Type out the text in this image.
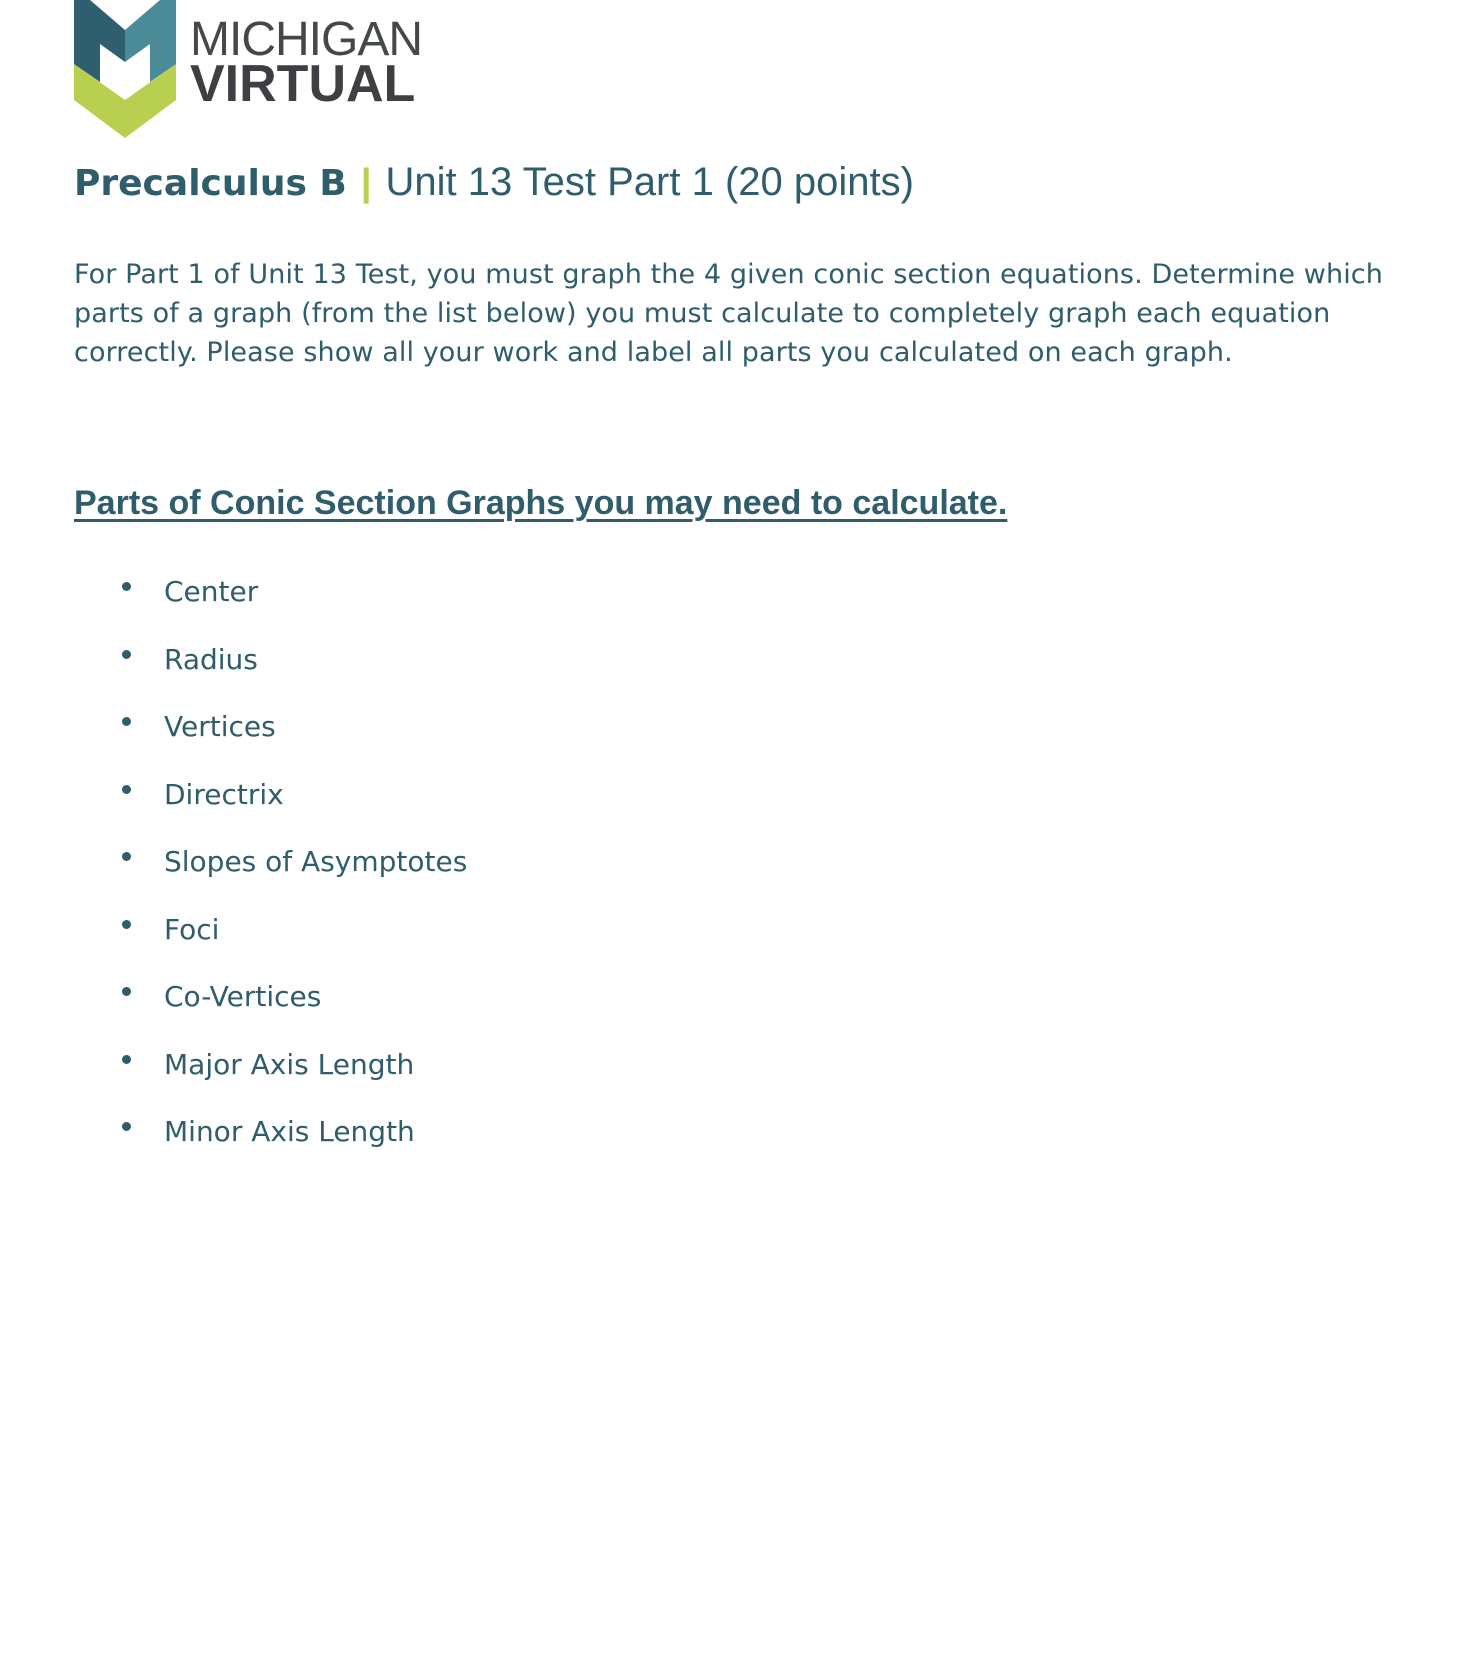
MICHIGAN
VIRTUAL
Precalculus B | Unit 13 Test Part 1 (20 points)
For Part 1 of Unit 13 Test, you must graph the 4 given conic section equations. Determine which parts of a graph (from the list below) you must calculate to completely graph each equation correctly. Please show all your work and label all parts you calculated on each graph.
Parts of Conic Section Graphs you may need to calculate.
Center
Radius
Vertices
Directrix
Slopes of Asymptotes
Foci
Co-Vertices
Major Axis Length
Minor Axis Length
